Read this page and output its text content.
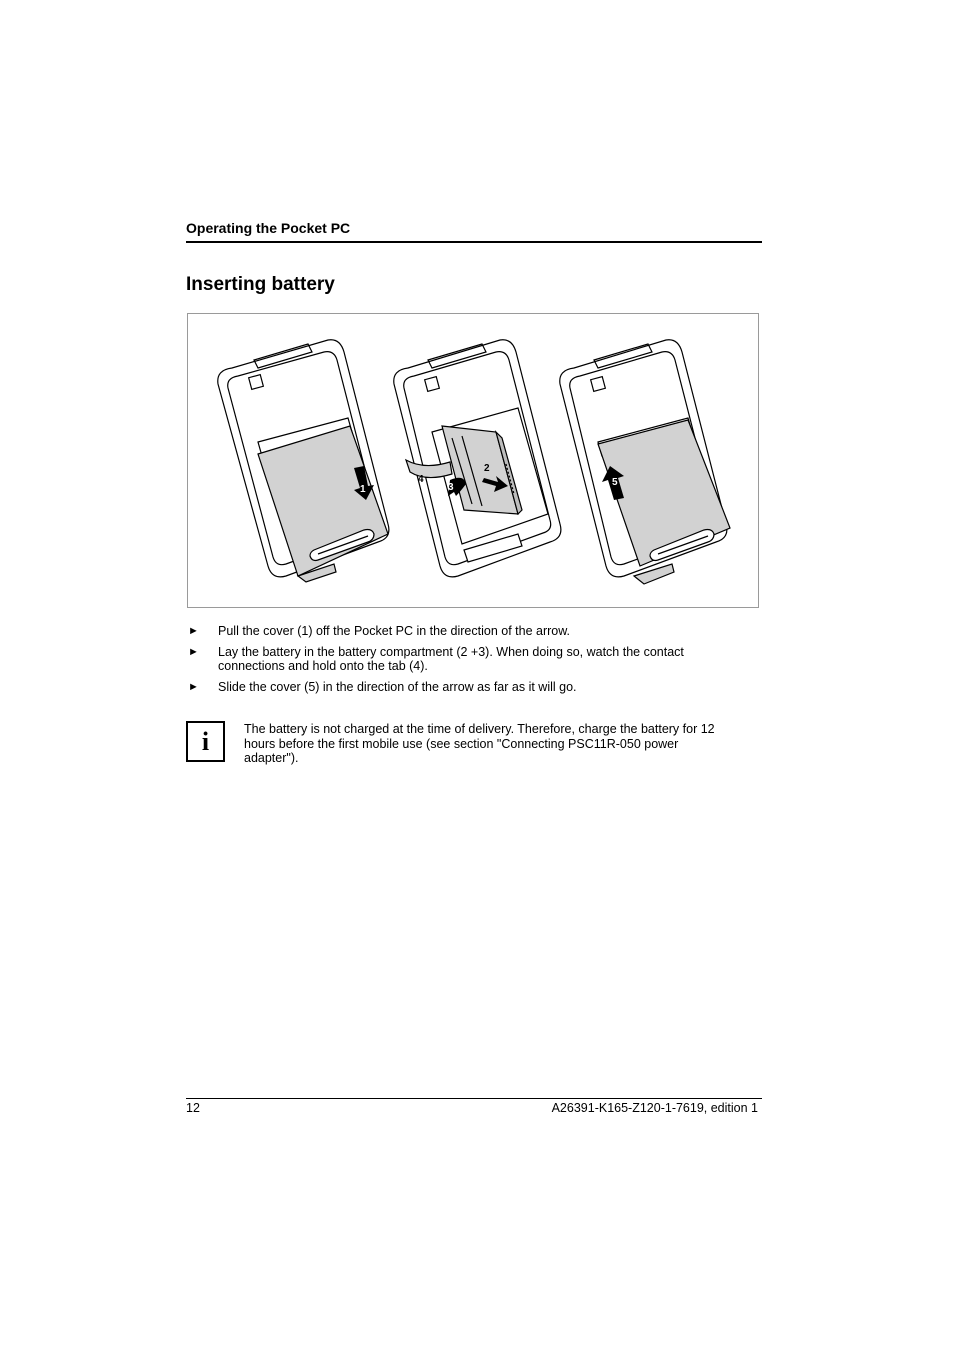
Operating the Pocket PC
Inserting battery
1
2
3
4	5
► Pull the cover (1) off the Pocket PC in the direction of the arrow.
► Lay the battery in the battery compartment (2 +3). When doing so, watch the contact connections and hold onto the tab (4).
► Slide the cover (5) in the direction of the arrow as far as it will go.
i	The battery is not charged at the time of delivery. Therefore, charge the battery for 12 hours before the first mobile use (see section "Connecting PSC11R-050 power adapter").
12	A26391-K165-Z120-1-7619, edition 1
